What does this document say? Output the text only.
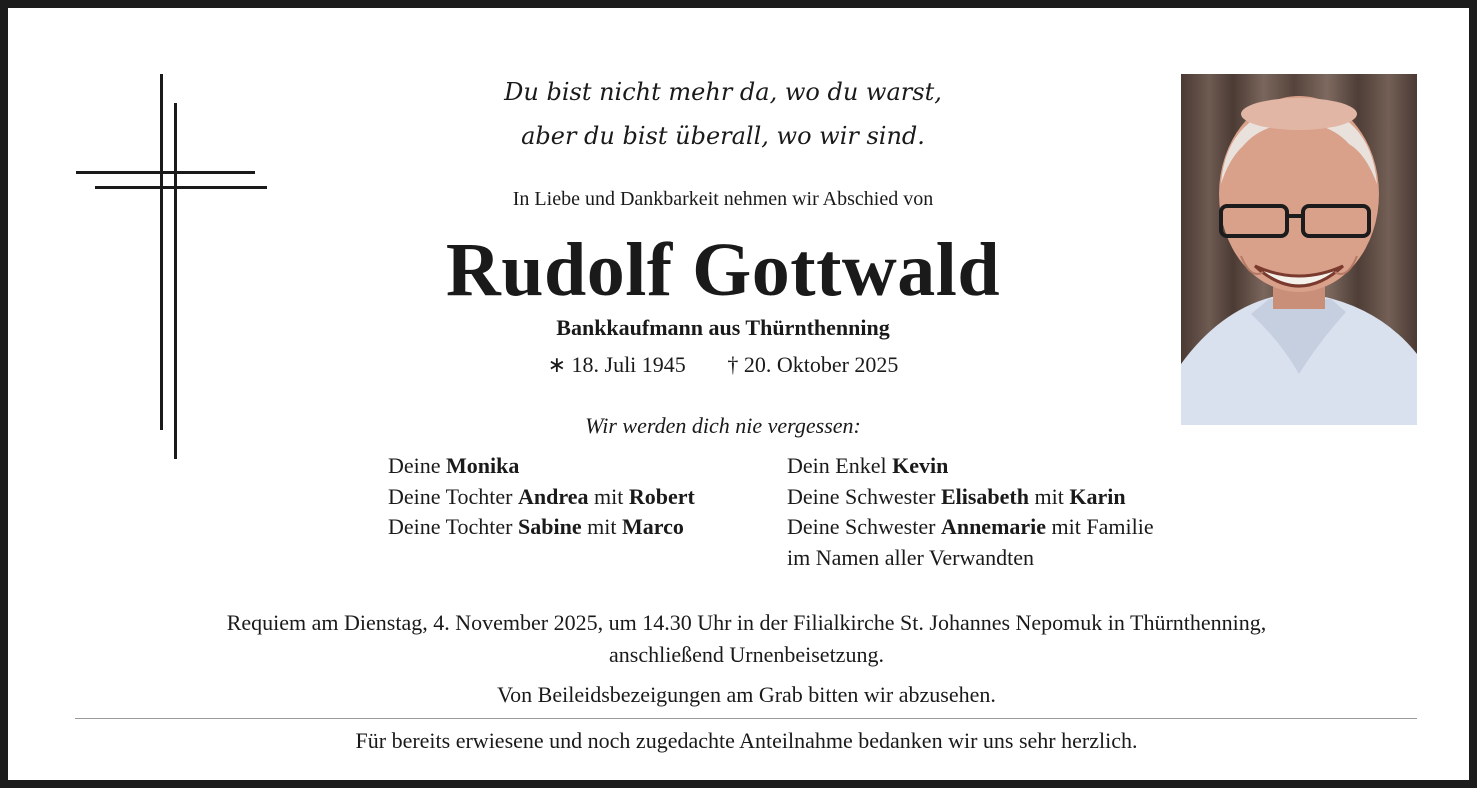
Du bist nicht mehr da, wo du warst,
aber du bist überall, wo wir sind.
In Liebe und Dankbarkeit nehmen wir Abschied von
Rudolf Gottwald
Bankkaufmann aus Thürnthenning
∗ 18. Juli 1945 † 20. Oktober 2025
Wir werden dich nie vergessen:
Deine Monika
Deine Tochter Andrea mit Robert
Deine Tochter Sabine mit Marco
Dein Enkel Kevin
Deine Schwester Elisabeth mit Karin
Deine Schwester Annemarie mit Familie
im Namen aller Verwandten
Requiem am Dienstag, 4. November 2025, um 14.30 Uhr in der Filialkirche St. Johannes Nepomuk in Thürnthenning,
anschließend Urnenbeisetzung.
Von Beileidsbezeigungen am Grab bitten wir abzusehen.
Für bereits erwiesene und noch zugedachte Anteilnahme bedanken wir uns sehr herzlich.
